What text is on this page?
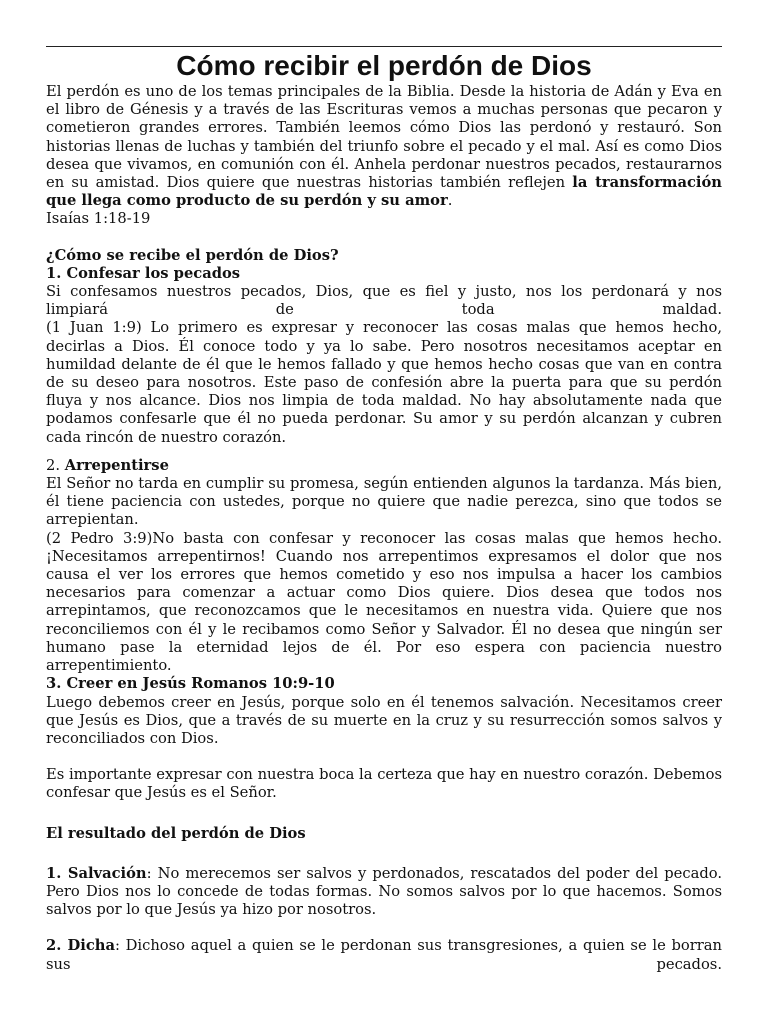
Cómo recibir el perdón de Dios

El perdón es uno de los temas principales de la Biblia. Desde la historia de Adán y Eva en el libro de Génesis y a través de las Escrituras vemos a muchas personas que pecaron y cometieron grandes errores. También leemos cómo Dios las perdonó y restauró. Son historias llenas de luchas y también del triunfo sobre el pecado y el mal. Así es como Dios desea que vivamos, en comunión con él. Anhela perdonar nuestros pecados, restaurarnos en su amistad. Dios quiere que nuestras historias también reflejen la transformación que llega como producto de su perdón y su amor.

Isaías 1:18-19

¿Cómo se recibe el perdón de Dios?

1. Confesar los pecados

Si confesamos nuestros pecados, Dios, que es fiel y justo, nos los perdonará y nos limpiará de toda maldad.

(1 Juan 1:9) Lo primero es expresar y reconocer las cosas malas que hemos hecho, decirlas a Dios. Él conoce todo y ya lo sabe. Pero nosotros necesitamos aceptar en humildad delante de él que le hemos fallado y que hemos hecho cosas que van en contra de su deseo para nosotros. Este paso de confesión abre la puerta para que su perdón fluya y nos alcance. Dios nos limpia de toda maldad. No hay absolutamente nada que podamos confesarle que él no pueda perdonar. Su amor y su perdón alcanzan y cubren cada rincón de nuestro corazón.

2. Arrepentirse

El Señor no tarda en cumplir su promesa, según entienden algunos la tardanza. Más bien, él tiene paciencia con ustedes, porque no quiere que nadie perezca, sino que todos se arrepientan.

(2 Pedro 3:9)No basta con confesar y reconocer las cosas malas que hemos hecho. ¡Necesitamos arrepentirnos! Cuando nos arrepentimos expresamos el dolor que nos causa el ver los errores que hemos cometido y eso nos impulsa a hacer los cambios necesarios para comenzar a actuar como Dios quiere. Dios desea que todos nos arrepintamos, que reconozcamos que le necesitamos en nuestra vida. Quiere que nos reconciliemos con él y le recibamos como Señor y Salvador. Él no desea que ningún ser humano pase la eternidad lejos de él. Por eso espera con paciencia nuestro arrepentimiento.

3. Creer en Jesús Romanos 10:9-10

Luego debemos creer en Jesús, porque solo en él tenemos salvación. Necesitamos creer que Jesús es Dios, que a través de su muerte en la cruz y su resurrección somos salvos y reconciliados con Dios.

Es importante expresar con nuestra boca la certeza que hay en nuestro corazón. Debemos confesar que Jesús es el Señor.

El resultado del perdón de Dios

1. Salvación: No merecemos ser salvos y perdonados, rescatados del poder del pecado. Pero Dios nos lo concede de todas formas. No somos salvos por lo que hacemos. Somos salvos por lo que Jesús ya hizo por nosotros.

2. Dicha: Dichoso aquel a quien se le perdonan sus transgresiones, a quien se le borran sus pecados.
